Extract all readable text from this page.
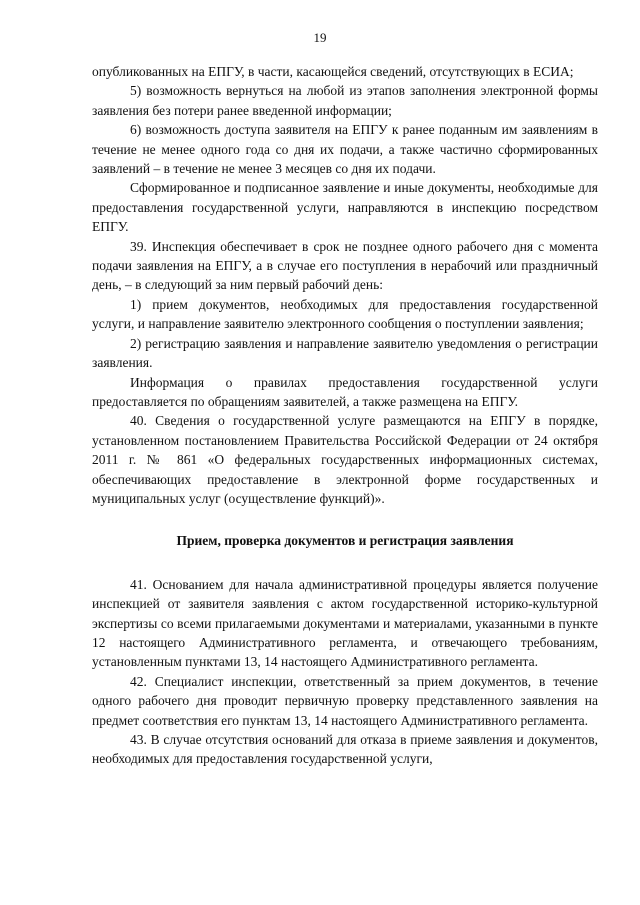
19

опубликованных на ЕПГУ, в части, касающейся сведений, отсутствующих в ЕСИА;

5) возможность вернуться на любой из этапов заполнения электронной формы заявления без потери ранее введенной информации;

6) возможность доступа заявителя на ЕПГУ к ранее поданным им заявлениям в течение не менее одного года со дня их подачи, а также частично сформированных заявлений – в течение не менее 3 месяцев со дня их подачи.

Сформированное и подписанное заявление и иные документы, необходимые для предоставления государственной услуги, направляются в инспекцию посредством ЕПГУ.

39. Инспекция обеспечивает в срок не позднее одного рабочего дня с момента подачи заявления на ЕПГУ, а в случае его поступления в нерабочий или праздничный день, – в следующий за ним первый рабочий день:

1) прием документов, необходимых для предоставления государственной услуги, и направление заявителю электронного сообщения о поступлении заявления;

2) регистрацию заявления и направление заявителю уведомления о регистрации заявления.

Информация о правилах предоставления государственной услуги предоставляется по обращениям заявителей, а также размещена на ЕПГУ.

40. Сведения о государственной услуге размещаются на ЕПГУ в порядке, установленном постановлением Правительства Российской Федерации от 24 октября 2011 г. № 861 «О федеральных государственных информационных системах, обеспечивающих предоставление в электронной форме государственных и муниципальных услуг (осуществление функций)».

Прием, проверка документов и регистрация заявления

41. Основанием для начала административной процедуры является получение инспекцией от заявителя заявления с актом государственной историко-культурной экспертизы со всеми прилагаемыми документами и материалами, указанными в пункте 12 настоящего Административного регламента, и отвечающего требованиям, установленным пунктами 13, 14 настоящего Административного регламента.

42. Специалист инспекции, ответственный за прием документов, в течение одного рабочего дня проводит первичную проверку представленного заявления на предмет соответствия его пунктам 13, 14 настоящего Административного регламента.

43. В случае отсутствия оснований для отказа в приеме заявления и документов, необходимых для предоставления государственной услуги,
